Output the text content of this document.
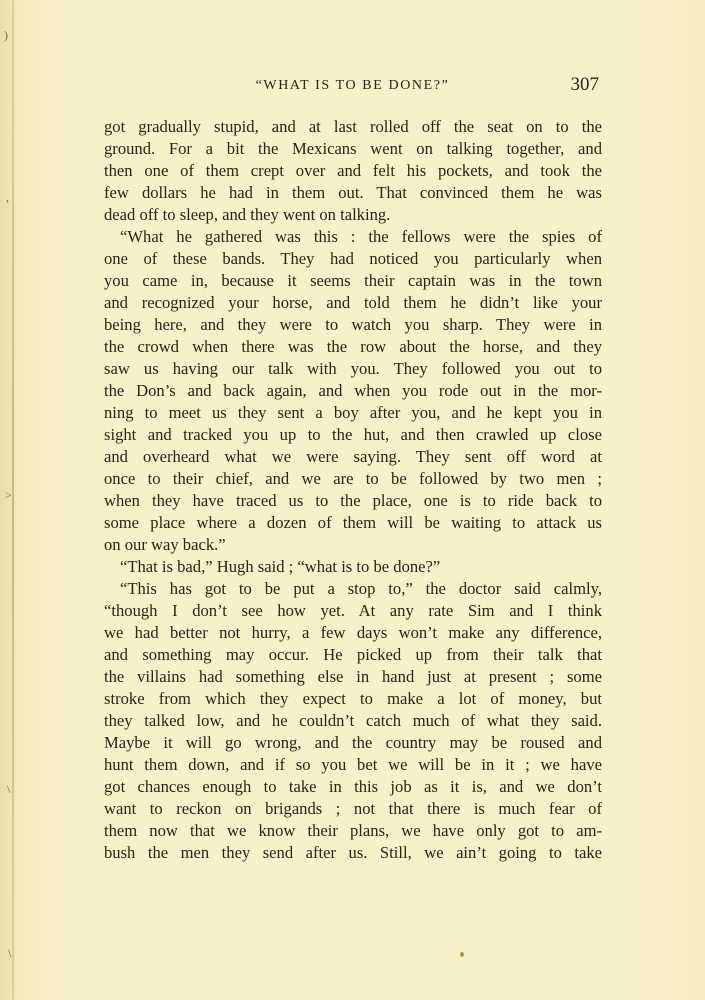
)
,
>
\
\
“WHAT IS TO BE DONE?”	307
got gradually stupid, and at last rolled off the seat on to the
ground. For a bit the Mexicans went on talking together, and
then one of them crept over and felt his pockets, and took the
few dollars he had in them out. That convinced them he was
dead off to sleep, and they went on talking.
“What he gathered was this : the fellows were the spies of
one of these bands. They had noticed you particularly when
you came in, because it seems their captain was in the town
and recognized your horse, and told them he didn’t like your
being here, and they were to watch you sharp. They were in
the crowd when there was the row about the horse, and they
saw us having our talk with you. They followed you out to
the Don’s and back again, and when you rode out in the mor-
ning to meet us they sent a boy after you, and he kept you in
sight and tracked you up to the hut, and then crawled up close
and overheard what we were saying. They sent off word at
once to their chief, and we are to be followed by two men ;
when they have traced us to the place, one is to ride back to
some place where a dozen of them will be waiting to attack us
on our way back.”
“That is bad,” Hugh said ; “what is to be done?”
“This has got to be put a stop to,” the doctor said calmly,
“though I don’t see how yet. At any rate Sim and I think
we had better not hurry, a few days won’t make any difference,
and something may occur. He picked up from their talk that
the villains had something else in hand just at present ; some
stroke from which they expect to make a lot of money, but
they talked low, and he couldn’t catch much of what they said.
Maybe it will go wrong, and the country may be roused and
hunt them down, and if so you bet we will be in it ; we have
got chances enough to take in this job as it is, and we don’t
want to reckon on brigands ; not that there is much fear of
them now that we know their plans, we have only got to am-
bush the men they send after us. Still, we ain’t going to take
